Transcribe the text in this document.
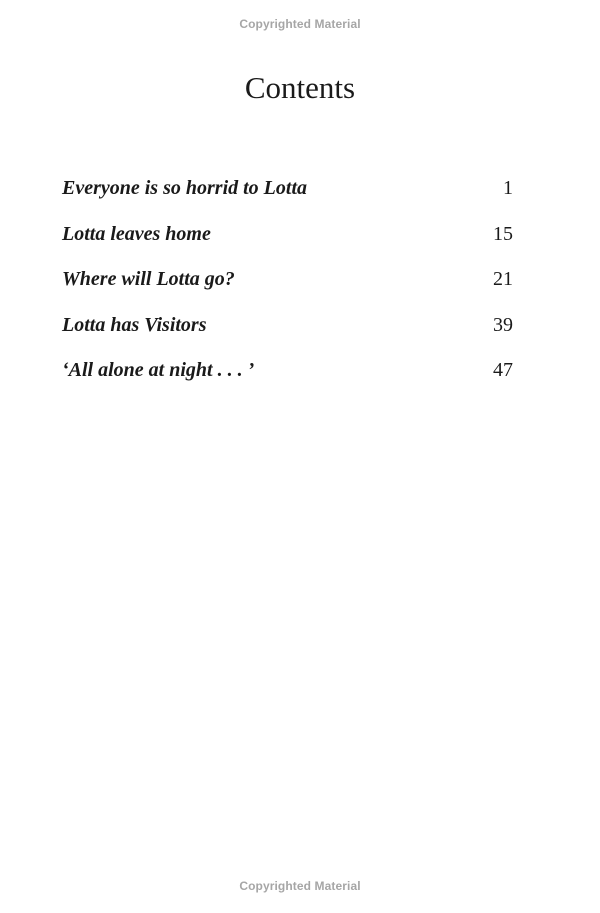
Copyrighted Material
Contents
Everyone is so horrid to Lotta	1
Lotta leaves home	15
Where will Lotta go?	21
Lotta has Visitors	39
‘All alone at night . . . ’	47
Copyrighted Material
